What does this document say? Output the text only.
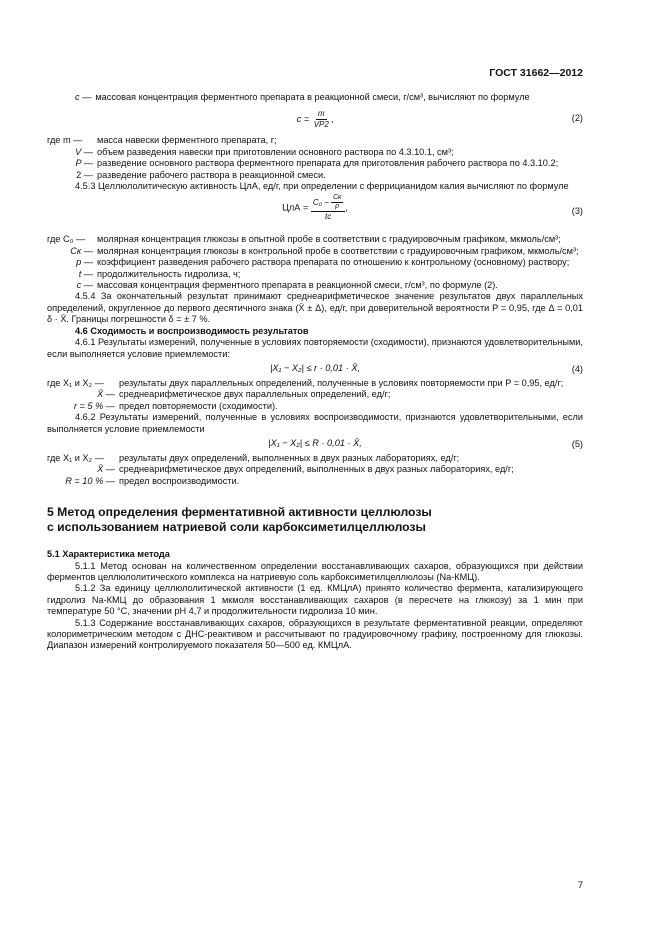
ГОСТ 31662—2012
c — массовая концентрация ферментного препарата в реакционной смеси, г/см³, вычисляют по формуле
$c = \frac{m}{VP2}$ ,	(2)
где m —	масса навески ферментного препарата, г;
V — объем разведения навески при приготовлении основного раствора по 4.3.10.1, см³;
P — разведение основного раствора ферментного препарата для приготовления рабочего раствора по 4.3.10.2;
2 — разведение рабочего раствора в реакционной смеси.

4.5.3 Целлюлолитическую активность ЦлА, ед/г, при определении с феррицианидом калия вычисляют по формуле

ЦлА = $\frac{C_0 - \frac{Cк}{p}}{tc}$ ,	(3)
где C₀ —	молярная концентрация глюкозы в опытной пробе в соответствии с градуировочным графиком, мкмоль/см³;
Cк — молярная концентрация глюкозы в контрольной пробе в соответствии с градуировочным графиком, мкмоль/см³;
p — коэффициент разведения рабочего раствора препарата по отношению к контрольному (основному) раствору;
t — продолжительность гидролиза, ч;
c — массовая концентрация ферментного препарата в реакционной смеси, г/см³, по формуле (2).

4.5.4 За окончательный результат принимают среднеарифметическое значение результатов двух параллельных определений, округленное до первого десятичного знака (X̄ ± Δ), ед/г, при доверительной вероятности P = 0,95, где Δ = 0,01 δ · X̄. Границы погрешности δ = ± 7 %.

4.6 Сходимость и воспроизводимость результатов

4.6.1 Результаты измерений, полученные в условиях повторяемости (сходимости), признаются удовлетворительными, если выполняется условие приемлемости:

|X₁ − X₂| ≤ r · 0,01 · X̄,	(4)
где X₁ и X₂ —	результаты двух параллельных определений, полученные в условиях повторяемости при P = 0,95, ед/г;
X̄ — среднеарифметическое двух параллельных определений, ед/г;
r = 5 % — предел повторяемости (сходимости).

4.6.2 Результаты измерений, полученные в условиях воспроизводимости, признаются удовлетворительными, если выполняется условие приемлемости

|X₁ − X₂| ≤ R · 0,01 · X̄,	(5)
где X₁ и X₂ —	результаты двух определений, выполненных в двух разных лабораториях, ед/г;
X̄ — среднеарифметическое двух определений, выполненных в двух разных лабораториях, ед/г;
R = 10 % — предел воспроизводимости.
5 Метод определения ферментативной активности целлюлозы
с использованием натриевой соли карбоксиметилцеллюлозы

5.1 Характеристика метода

5.1.1 Метод основан на количественном определении восстанавливающих сахаров, образующихся при действии ферментов целлюлолитического комплекса на натриевую соль карбоксиметилцеллюлозы (Na-КМЦ).

5.1.2 За единицу целлюлолитической активности (1 ед. КМЦлА) принято количество фермента, катализирующего гидролиз Na-КМЦ до образования 1 мкмоля восстанавливающих сахаров (в пересчете на глюкозу) за 1 мин при температуре 50 °С, значении pH 4,7 и продолжительности гидролиза 10 мин.

5.1.3 Содержание восстанавливающих сахаров, образующихся в результате ферментативной реакции, определяют колориметрическим методом с ДНС-реактивом и рассчитывают по градуировочному графику, построенному для глюкозы. Диапазон измерений контролируемого показателя 50—500 ед. КМЦлА.

7
